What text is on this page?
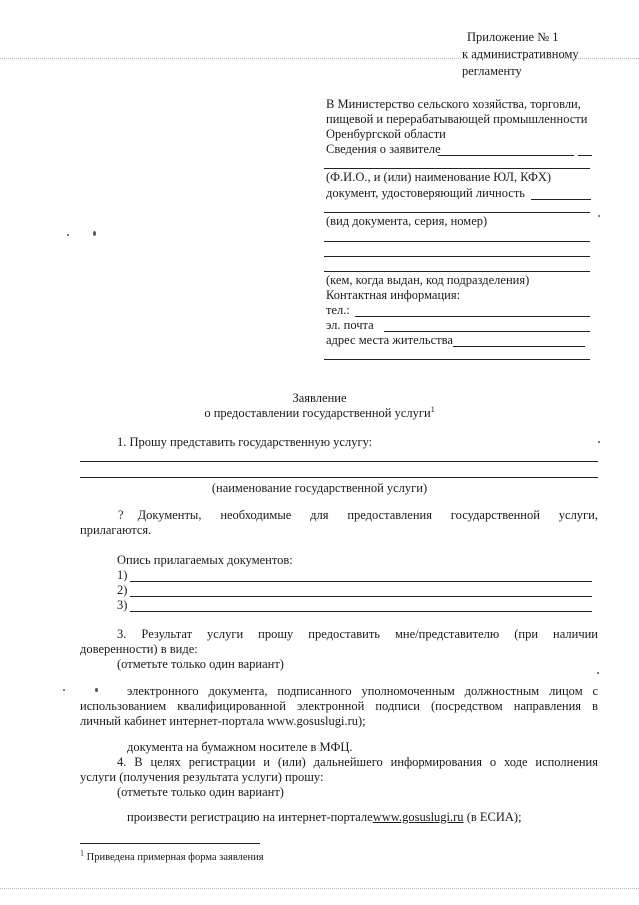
Приложение № 1
к административному
регламенту
В Министерство сельского хозяйства, торговли,
пищевой и перерабатывающей промышленности
Оренбургской области
Сведения о заявителе
(Ф.И.О., и (или) наименование ЮЛ, КФХ)
документ, удостоверяющий личность
(вид документа, серия, номер)
(кем, когда выдан, код подразделения)
Контактная информация:
тел.:
эл. почта
адрес места жительства
Заявление
о предоставлении государственной услуги$^1$
1. Прошу представить государственную услугу:
(наименование государственной услуги)
? Документы, необходимые для предоставления государственной услуги,
прилагаются.
Опись прилагаемых документов:
1)
2)
3)
3. Результат услуги прошу предоставить мне/представителю (при наличии
доверенности) в виде:
(отметьте только один вариант)
электронного документа, подписанного уполномоченным должностным лицом с
использованием квалифицированной электронной подписи (посредством направления в
личный кабинет интернет-портала www.gosuslugi.ru);
документа на бумажном носителе в МФЦ.
4. В целях регистрации и (или) дальнейшего информирования о ходе исполнения
услуги (получения результата услуги) прошу:
(отметьте только один вариант)
произвести регистрацию на интернет-порталеwww.gosuslugi.ru (в ЕСИА);
$^1$ Приведена примерная форма заявления
